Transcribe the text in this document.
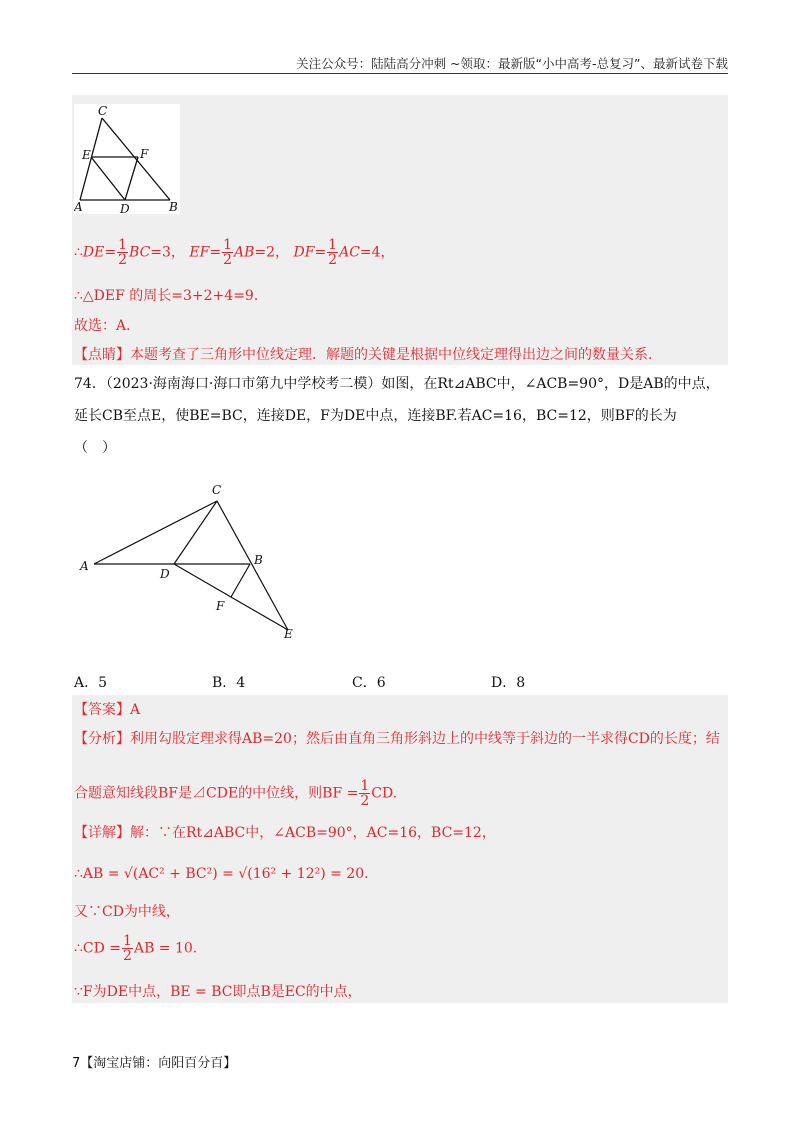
关注公众号：陆陆高分冲刺 ~领取：最新版“小中高考-总复习”、最新试卷下载
C
E	F
A	D	B
∴DE= $\frac{1}{2} BC=3$， $EF= \frac{1}{2} AB=2$， $DF= \frac{1}{2} AC=4$，
∴△DEF 的周长=3+2+4=9．
故选：A．
【点睛】本题考查了三角形中位线定理．解题的关键是根据中位线定理得出边之间的数量关系．
74．（2023·海南海口·海口市第九中学校考二模）如图，在Rt⊿ABC中，∠ACB=90°，D是AB的中点，
延长CB至点E，使BE=BC，连接DE，F为DE中点，连接BF.若AC=16，BC=12，则BF的长为
（　）
C
A
D
B
F
E
A．5	B．4	C．6	D．8
【答案】A
【分析】利用勾股定理求得AB=20；然后由直角三角形斜边上的中线等于斜边的一半求得CD的长度；结
合题意知线段BF是⊿CDE的中位线，则BF = $\frac{1}{2}$ CD.
【详解】解：∵在Rt⊿ABC中，∠ACB=90°，AC=16，BC=12，
∴AB = √(AC² + BC²) = √(16² + 12²) = 20.
又∵CD为中线，
∴CD = $\frac{1}{2}$ AB = 10.
∵F为DE中点，BE = BC即点B是EC的中点，
7【淘宝店铺：向阳百分百】
